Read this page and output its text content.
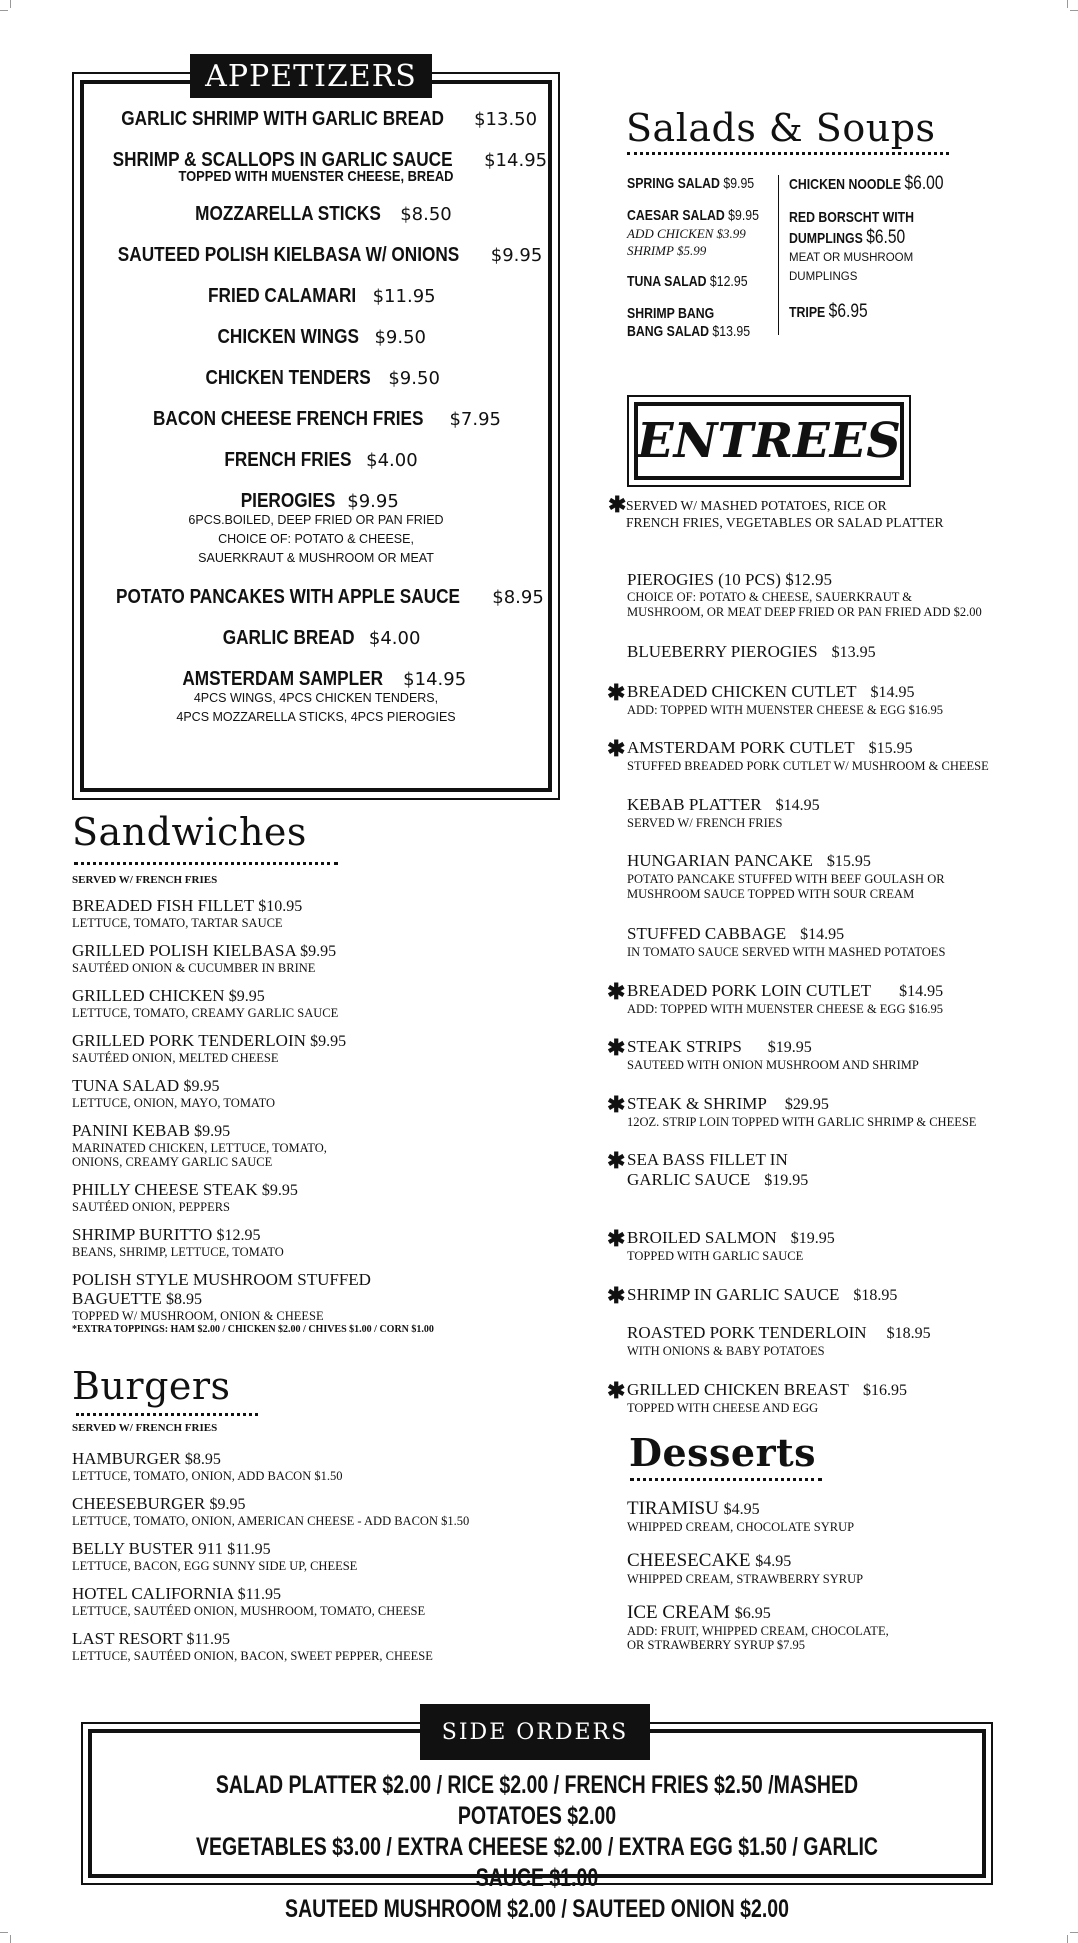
APPETIZERS
GARLIC SHRIMP WITH GARLIC BREAD $13.50
SHRIMP & SCALLOPS IN GARLIC SAUCE $14.95
TOPPED WITH MUENSTER CHEESE, BREAD
MOZZARELLA STICKS $8.50
SAUTEED POLISH KIELBASA W/ ONIONS $9.95
FRIED CALAMARI $11.95
CHICKEN WINGS $9.50
CHICKEN TENDERS $9.50
BACON CHEESE FRENCH FRIES $7.95
FRENCH FRIES $4.00
PIEROGIES $9.95
6PCS.BOILED, DEEP FRIED OR PAN FRIED
CHOICE OF: POTATO & CHEESE,
SAUERKRAUT & MUSHROOM OR MEAT
POTATO PANCAKES WITH APPLE SAUCE $8.95
GARLIC BREAD $4.00
AMSTERDAM SAMPLER $14.95
4PCS WINGS, 4PCS CHICKEN TENDERS,
4PCS MOZZARELLA STICKS, 4PCS PIEROGIES
Salads & Soups
SPRING SALAD $9.95
CAESAR SALAD $9.95
ADD CHICKEN $3.99
SHRIMP $5.99
TUNA SALAD $12.95
SHRIMP BANG
BANG SALAD $13.95
CHICKEN NOODLE $6.00
RED BORSCHT WITH
DUMPLINGS $6.50
MEAT OR MUSHROOM
DUMPLINGS
TRIPE $6.95
ENTREES
✱ SERVED W/ MASHED POTATOES, RICE OR
FRENCH FRIES, VEGETABLES OR SALAD PLATTER
PIEROGIES (10 PCS) $12.95
CHOICE OF: POTATO & CHEESE, SAUERKRAUT &
MUSHROOM, OR MEAT DEEP FRIED OR PAN FRIED ADD $2.00
BLUEBERRY PIEROGIES $13.95
✱ BREADED CHICKEN CUTLET $14.95
ADD: TOPPED WITH MUENSTER CHEESE & EGG $16.95
✱ AMSTERDAM PORK CUTLET $15.95
STUFFED BREADED PORK CUTLET W/ MUSHROOM & CHEESE
KEBAB PLATTER $14.95
SERVED W/ FRENCH FRIES
HUNGARIAN PANCAKE $15.95
POTATO PANCAKE STUFFED WITH BEEF GOULASH OR
MUSHROOM SAUCE TOPPED WITH SOUR CREAM
STUFFED CABBAGE $14.95
IN TOMATO SAUCE SERVED WITH MASHED POTATOES
✱ BREADED PORK LOIN CUTLET $14.95
ADD: TOPPED WITH MUENSTER CHEESE & EGG $16.95
✱ STEAK STRIPS $19.95
SAUTEED WITH ONION MUSHROOM AND SHRIMP
✱ STEAK & SHRIMP $29.95
12OZ. STRIP LOIN TOPPED WITH GARLIC SHRIMP & CHEESE
✱ SEA BASS FILLET IN
GARLIC SAUCE $19.95
✱ BROILED SALMON $19.95
TOPPED WITH GARLIC SAUCE
✱ SHRIMP IN GARLIC SAUCE $18.95
ROASTED PORK TENDERLOIN $18.95
WITH ONIONS & BABY POTATOES
✱ GRILLED CHICKEN BREAST $16.95
TOPPED WITH CHEESE AND EGG
Sandwiches
SERVED W/ FRENCH FRIES
BREADED FISH FILLET $10.95
LETTUCE, TOMATO, TARTAR SAUCE
GRILLED POLISH KIELBASA $9.95
SAUTÉED ONION & CUCUMBER IN BRINE
GRILLED CHICKEN $9.95
LETTUCE, TOMATO, CREAMY GARLIC SAUCE
GRILLED PORK TENDERLOIN $9.95
SAUTÉED ONION, MELTED CHEESE
TUNA SALAD $9.95
LETTUCE, ONION, MAYO, TOMATO
PANINI KEBAB $9.95
MARINATED CHICKEN, LETTUCE, TOMATO,
ONIONS, CREAMY GARLIC SAUCE
PHILLY CHEESE STEAK $9.95
SAUTÉED ONION, PEPPERS
SHRIMP BURITTO $12.95
BEANS, SHRIMP, LETTUCE, TOMATO
POLISH STYLE MUSHROOM STUFFED
BAGUETTE $8.95
TOPPED W/ MUSHROOM, ONION & CHEESE
*EXTRA TOPPINGS: HAM $2.00 / CHICKEN $2.00 / CHIVES $1.00 / CORN $1.00
Burgers
SERVED W/ FRENCH FRIES
HAMBURGER $8.95
LETTUCE, TOMATO, ONION, ADD BACON $1.50
CHEESEBURGER $9.95
LETTUCE, TOMATO, ONION, AMERICAN CHEESE - ADD BACON $1.50
BELLY BUSTER 911 $11.95
LETTUCE, BACON, EGG SUNNY SIDE UP, CHEESE
HOTEL CALIFORNIA $11.95
LETTUCE, SAUTÉED ONION, MUSHROOM, TOMATO, CHEESE
LAST RESORT $11.95
LETTUCE, SAUTÉED ONION, BACON, SWEET PEPPER, CHEESE
Desserts
TIRAMISU $4.95
WHIPPED CREAM, CHOCOLATE SYRUP
CHEESECAKE $4.95
WHIPPED CREAM, STRAWBERRY SYRUP
ICE CREAM $6.95
ADD: FRUIT, WHIPPED CREAM, CHOCOLATE,
OR STRAWBERRY SYRUP $7.95
SIDE ORDERS
SALAD PLATTER $2.00 / RICE $2.00 / FRENCH FRIES $2.50 /MASHED POTATOES $2.00
VEGETABLES $3.00 / EXTRA CHEESE $2.00 / EXTRA EGG $1.50 / GARLIC SAUCE $1.00
SAUTEED MUSHROOM $2.00 / SAUTEED ONION $2.00
